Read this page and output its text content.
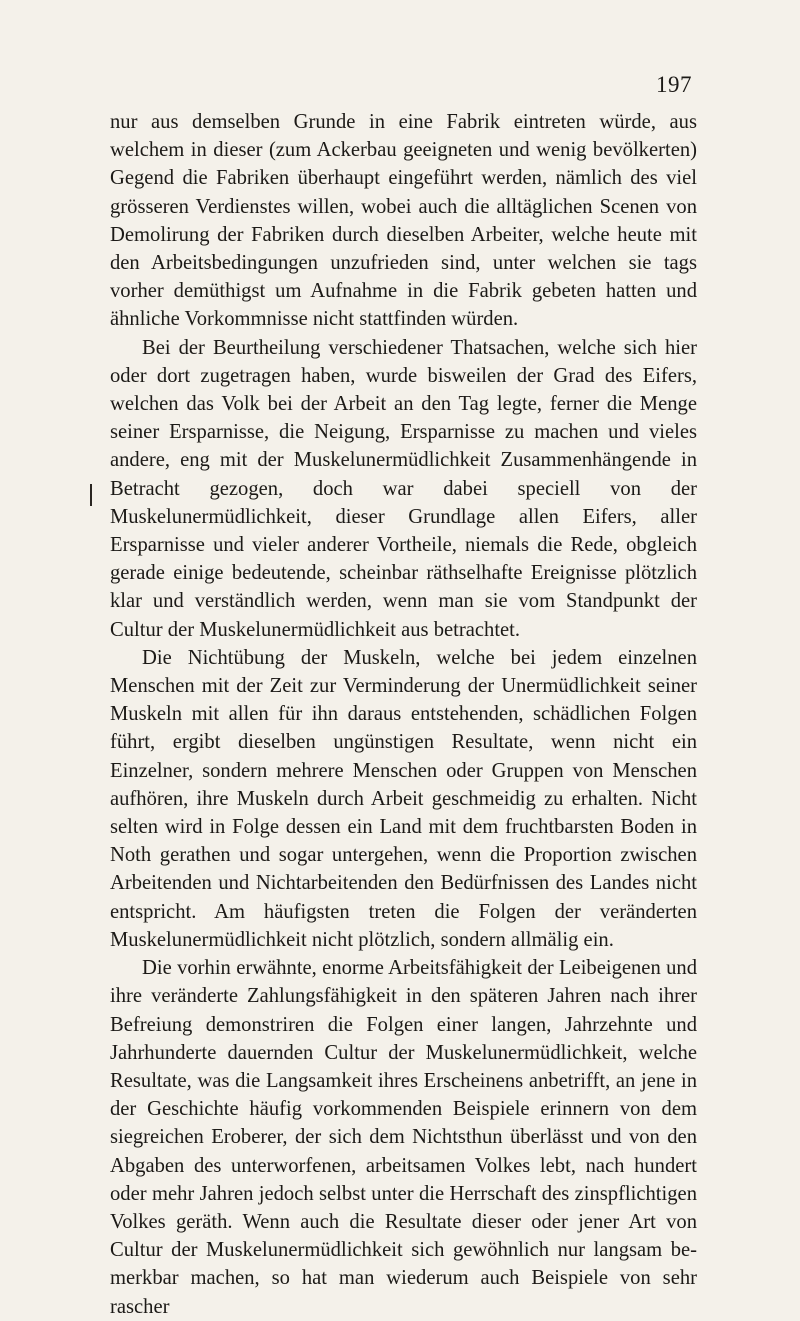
197

nur aus demselben Grunde in eine Fabrik eintreten würde, aus welchem in dieser (zum Ackerbau geeigneten und wenig bevölkerten) Gegend die Fabriken überhaupt eingeführt werden, nämlich des viel grösseren Verdienstes willen, wobei auch die alltäglichen Scenen von Demolirung der Fabriken durch dieselben Arbeiter, welche heute mit den Arbeitsbedingungen unzufrieden sind, unter welchen sie tags vorher demüthigst um Aufnahme in die Fabrik gebeten hatten und ähnliche Vorkommnisse nicht stattfinden würden.

Bei der Beurtheilung verschiedener Thatsachen, welche sich hier oder dort zugetragen haben, wurde bisweilen der Grad des Eifers, welchen das Volk bei der Arbeit an den Tag legte, ferner die Menge seiner Ersparnisse, die Neigung, Ersparnisse zu machen und vieles andere, eng mit der Muskelunermüdlichkeit Zusammenhängende in Betracht gezogen, doch war dabei speciell von der Muskelunermüdlichkeit, dieser Grundlage allen Eifers, aller Ersparnisse und vieler anderer Vortheile, niemals die Rede, obgleich gerade einige bedeutende, scheinbar räthselhafte Ereignisse plötzlich klar und verständlich werden, wenn man sie vom Standpunkt der Cultur der Muskelunermüdlichkeit aus betrachtet.

Die Nichtübung der Muskeln, welche bei jedem einzelnen Menschen mit der Zeit zur Verminderung der Unermüdlichkeit seiner Muskeln mit allen für ihn daraus entstehenden, schädlichen Folgen führt, ergibt dieselben ungünstigen Resultate, wenn nicht ein Einzelner, sondern mehrere Menschen oder Gruppen von Menschen aufhören, ihre Muskeln durch Arbeit geschmeidig zu erhalten. Nicht selten wird in Folge dessen ein Land mit dem fruchtbarsten Boden in Noth gerathen und sogar untergehen, wenn die Proportion zwischen Arbeitenden und Nichtarbeitenden den Bedürfnissen des Landes nicht entspricht. Am häufigsten treten die Folgen der veränderten Muskelunermüdlichkeit nicht plötzlich, sondern allmälig ein.

Die vorhin erwähnte, enorme Arbeitsfähigkeit der Leibeigenen und ihre veränderte Zahlungsfähigkeit in den späteren Jahren nach ihrer Befreiung demonstriren die Folgen einer langen, Jahrzehnte und Jahrhunderte dauernden Cultur der Muskelunermüdlichkeit, welche Resultate, was die Langsamkeit ihres Erscheinens anbetrifft, an jene in der Geschichte häufig vorkommenden Beispiele erinnern von dem siegreichen Eroberer, der sich dem Nichtsthun überlässt und von den Abgaben des unterworfenen, arbeitsamen Volkes lebt, nach hundert oder mehr Jahren jedoch selbst unter die Herrschaft des zinspflichtigen Volkes geräth. Wenn auch die Resultate dieser oder jener Art von Cultur der Muskelunermüdlichkeit sich gewöhnlich nur langsam bemerkbar machen, so hat man wiederum auch Beispiele von sehr rascher
